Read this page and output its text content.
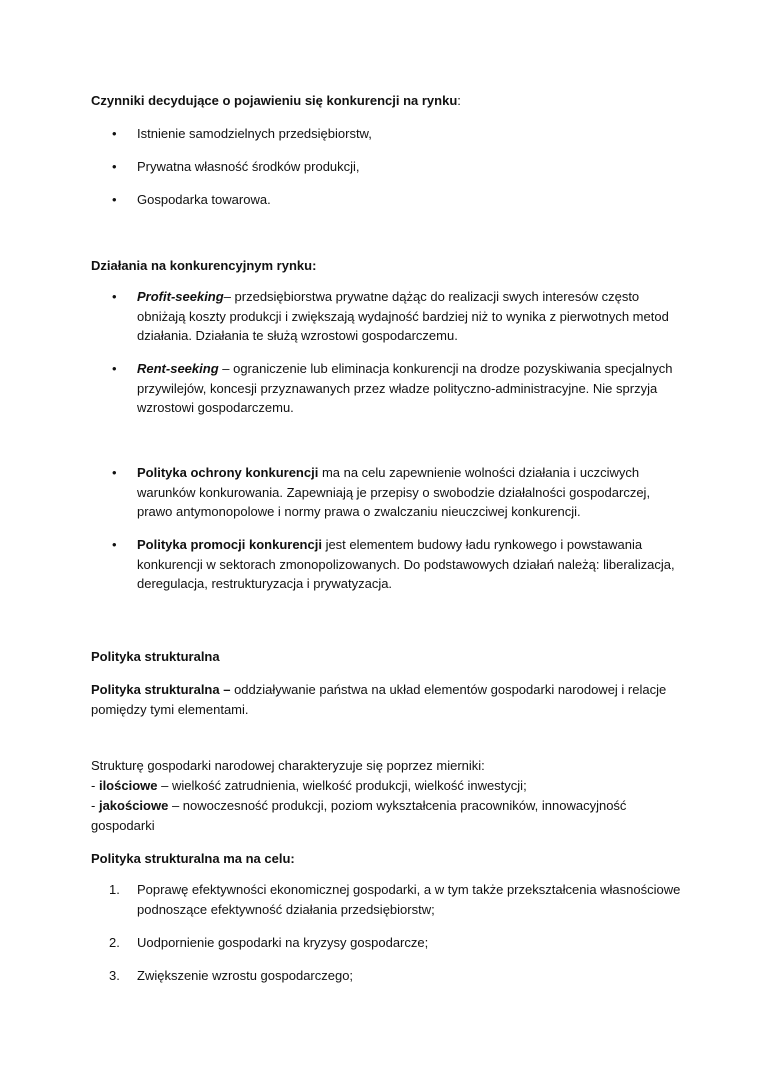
Czynniki decydujące o pojawieniu się konkurencji na rynku:

•	Istnienie samodzielnych przedsiębiorstw,

•	Prywatna własność środków produkcji,

•	Gospodarka towarowa.

Działania na konkurencyjnym rynku:

•	Profit-seeking– przedsiębiorstwa prywatne dążąc do realizacji swych interesów często obniżają koszty produkcji i zwiększają wydajność bardziej niż to wynika z pierwotnych metod działania. Działania te służą wzrostowi gospodarczemu.

•	Rent-seeking – ograniczenie lub eliminacja konkurencji na drodze pozyskiwania specjalnych przywilejów, koncesji przyznawanych przez władze polityczno-administracyjne. Nie sprzyja wzrostowi gospodarczemu.

•	Polityka ochrony konkurencji ma na celu zapewnienie wolności działania i uczciwych warunków konkurowania. Zapewniają je przepisy o swobodzie działalności gospodarczej, prawo antymonopolowe i normy prawa o zwalczaniu nieuczciwej konkurencji.

•	Polityka promocji konkurencji jest elementem budowy ładu rynkowego i powstawania konkurencji w sektorach zmonopolizowanych. Do podstawowych działań należą: liberalizacja, deregulacja, restrukturyzacja i prywatyzacja.

Polityka strukturalna

Polityka strukturalna – oddziaływanie państwa na układ elementów gospodarki narodowej i relacje pomiędzy tymi elementami.

Strukturę gospodarki narodowej charakteryzuje się poprzez mierniki:

- ilościowe – wielkość zatrudnienia, wielkość produkcji, wielkość inwestycji;

- jakościowe – nowoczesność produkcji, poziom wykształcenia pracowników, innowacyjność gospodarki

Polityka strukturalna ma na celu:

1.	Poprawę efektywności ekonomicznej gospodarki, a w tym także przekształcenia własnościowe podnoszące efektywność działania przedsiębiorstw;

2.	Uodpornienie gospodarki na kryzysy gospodarcze;

3.	Zwiększenie wzrostu gospodarczego;
